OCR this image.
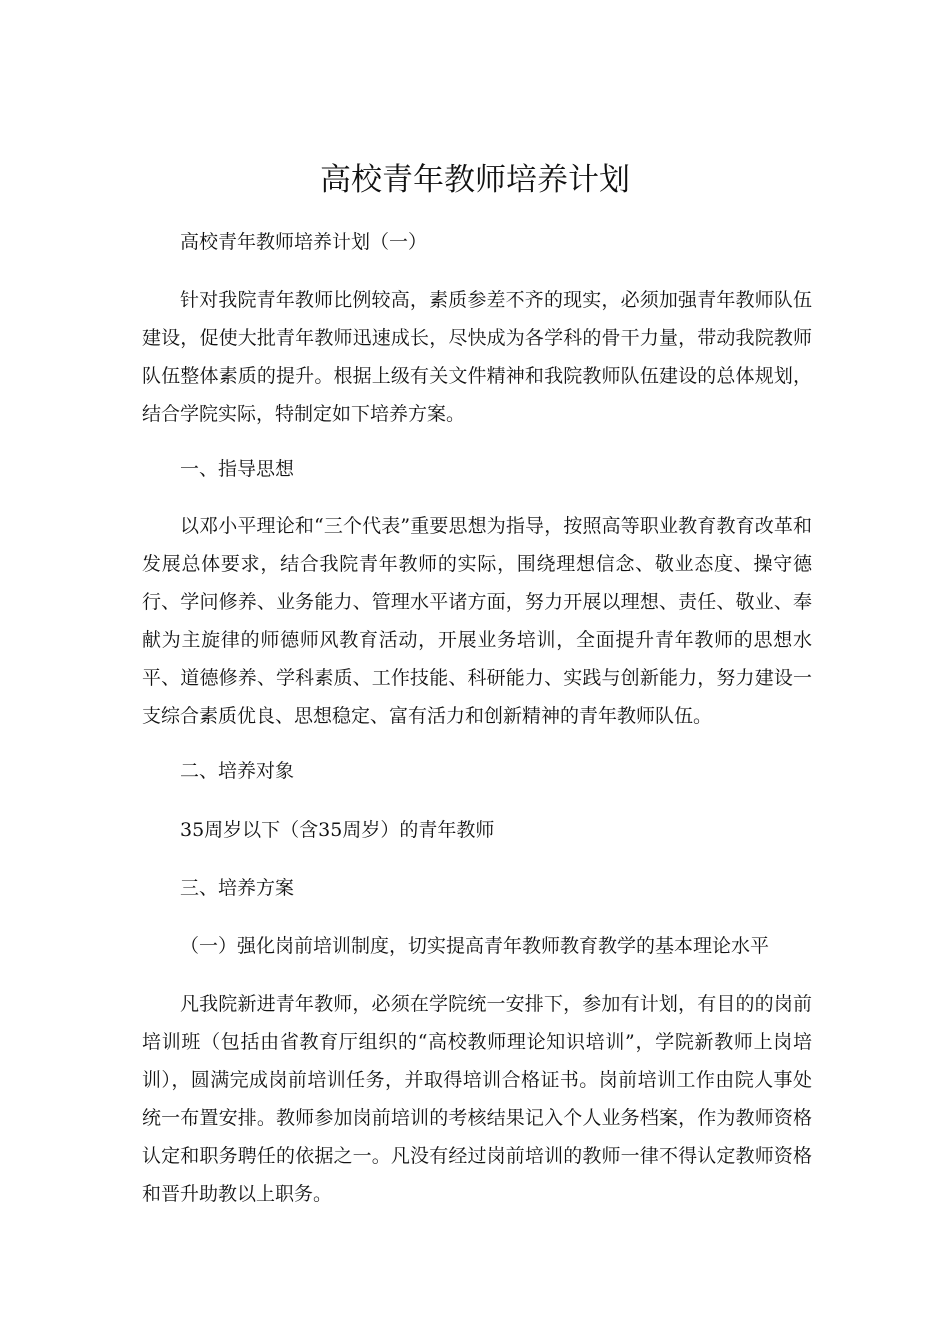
高校青年教师培养计划

高校青年教师培养计划（一）

针对我院青年教师比例较高，素质参差不齐的现实，必须加强青年教师队伍建设，促使大批青年教师迅速成长，尽快成为各学科的骨干力量，带动我院教师队伍整体素质的提升。根据上级有关文件精神和我院教师队伍建设的总体规划，结合学院实际，特制定如下培养方案。

一、指导思想

以邓小平理论和“三个代表”重要思想为指导，按照高等职业教育教育改革和发展总体要求，结合我院青年教师的实际，围绕理想信念、敬业态度、操守德行、学问修养、业务能力、管理水平诸方面，努力开展以理想、责任、敬业、奉献为主旋律的师德师风教育活动，开展业务培训，全面提升青年教师的思想水平、道德修养、学科素质、工作技能、科研能力、实践与创新能力，努力建设一支综合素质优良、思想稳定、富有活力和创新精神的青年教师队伍。

二、培养对象

35周岁以下（含35周岁）的青年教师

三、培养方案

（一）强化岗前培训制度，切实提高青年教师教育教学的基本理论水平

凡我院新进青年教师，必须在学院统一安排下，参加有计划，有目的的岗前培训班（包括由省教育厅组织的“高校教师理论知识培训”，学院新教师上岗培训），圆满完成岗前培训任务，并取得培训合格证书。岗前培训工作由院人事处统一布置安排。教师参加岗前培训的考核结果记入个人业务档案，作为教师资格认定和职务聘任的依据之一。凡没有经过岗前培训的教师一律不得认定教师资格和晋升助教以上职务。
